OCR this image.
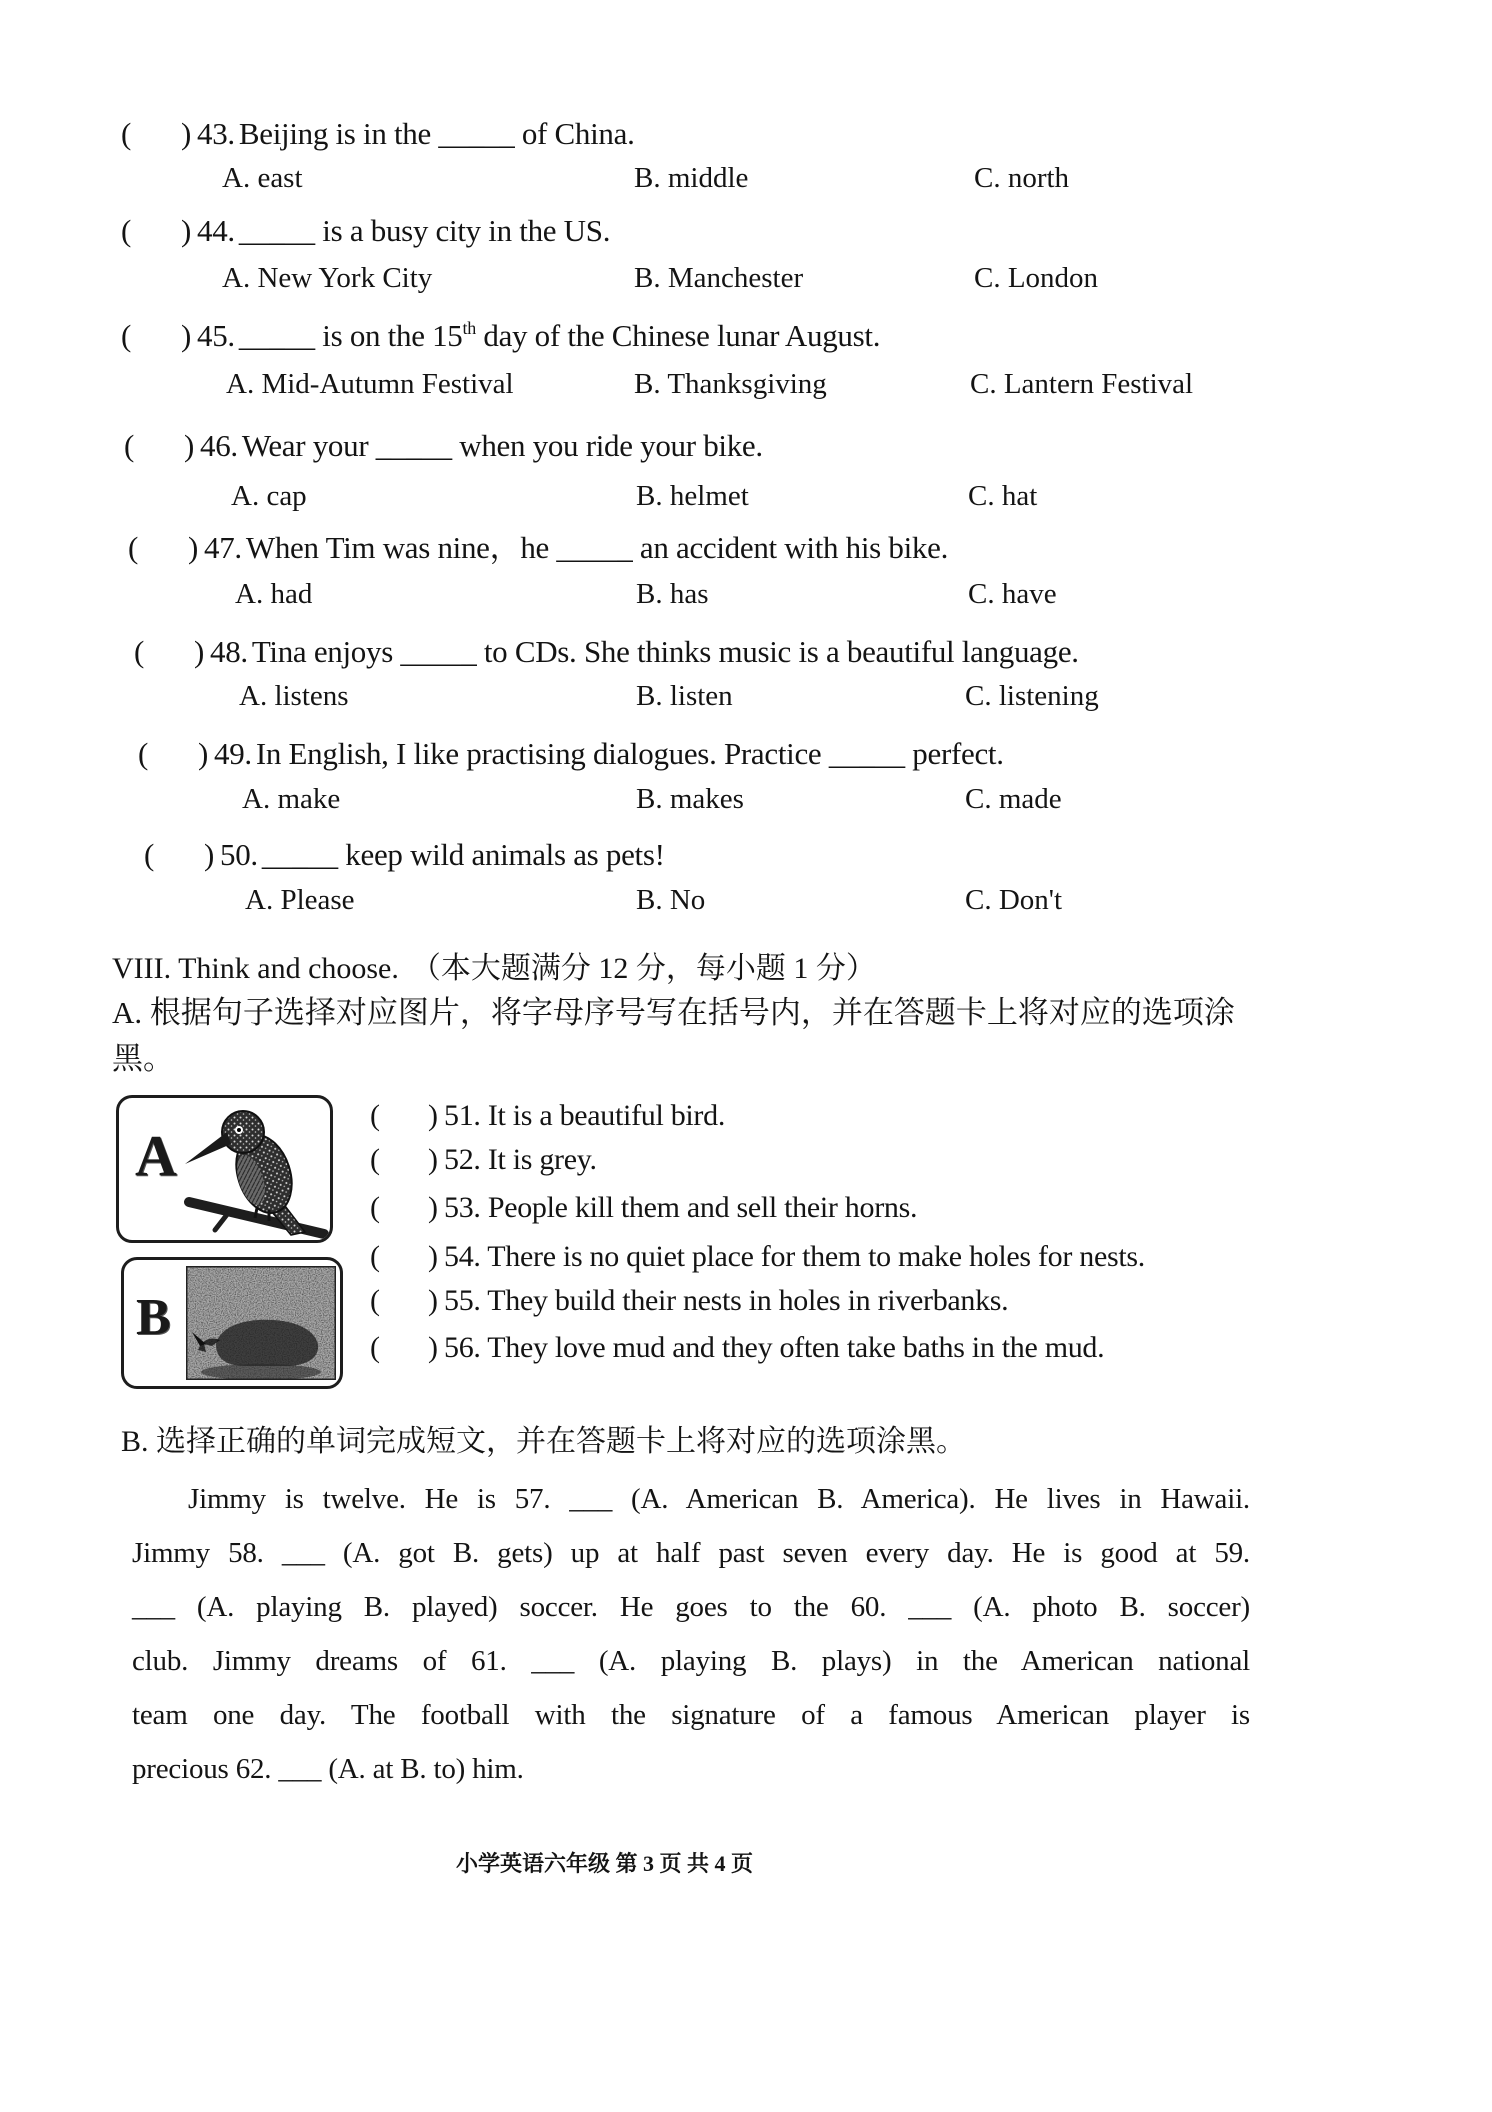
( ) 43. Beijing is in the _____ of China.
A. east	B. middle	C. north
( ) 44. _____ is a busy city in the US.
A. New York City	B. Manchester	C. London
( ) 45. _____ is on the 15th day of the Chinese lunar August.
A. Mid-Autumn Festival	B. Thanksgiving	C. Lantern Festival
( ) 46. Wear your _____ when you ride your bike.
A. cap	B. helmet	C. hat
( ) 47. When Tim was nine，he _____ an accident with his bike.
A. had	B. has	C. have
( ) 48. Tina enjoys _____ to CDs. She thinks music is a beautiful language.
A. listens	B. listen	C. listening
( ) 49. In English, I like practising dialogues. Practice _____ perfect.
A. make	B. makes	C. made
( ) 50. _____ keep wild animals as pets!
A. Please	B. No	C. Don't
VIII. Think and choose. （本大题满分 12 分，每小题 1 分）
A. 根据句子选择对应图片，将字母序号写在括号内，并在答题卡上将对应的选项涂黑。
A
B
( ) 51. It is a beautiful bird.
( ) 52. It is grey.
( ) 53. People kill them and sell their horns.
( ) 54. There is no quiet place for them to make holes for nests.
( ) 55. They build their nests in holes in riverbanks.
( ) 56. They love mud and they often take baths in the mud.
B. 选择正确的单词完成短文，并在答题卡上将对应的选项涂黑。
Jimmy is twelve. He is 57. ___ (A. American B. America). He lives in Hawaii.
Jimmy 58. ___ (A. got B. gets) up at half past seven every day. He is good at 59.
___ (A. playing B. played) soccer. He goes to the 60. ___ (A. photo B. soccer)
club. Jimmy dreams of 61. ___ (A. playing B. plays) in the American national
team one day. The football with the signature of a famous American player is
precious 62. ___ (A. at B. to) him.
小学英语六年级 第 3 页 共 4 页
